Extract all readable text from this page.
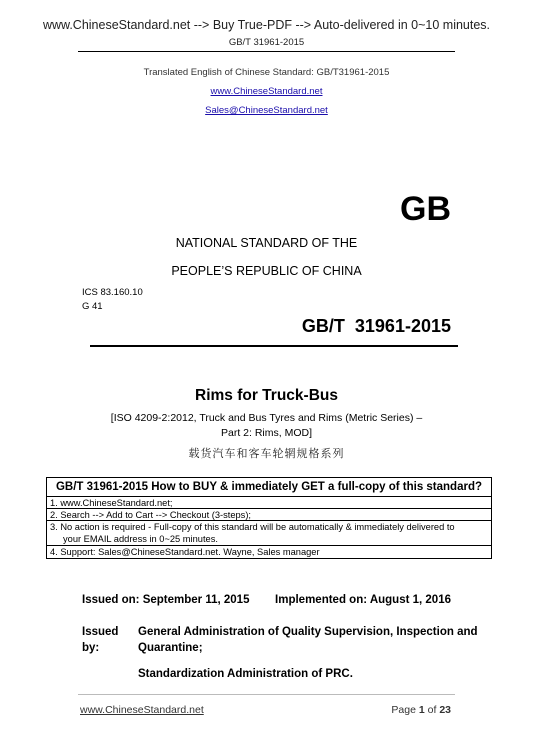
www.ChineseStandard.net --> Buy True-PDF --> Auto-delivered in 0~10 minutes.
GB/T 31961-2015
Translated English of Chinese Standard: GB/T31961-2015
www.ChineseStandard.net
Sales@ChineseStandard.net
GB
NATIONAL STANDARD OF THE
PEOPLE’S REPUBLIC OF CHINA
ICS 83.160.10
G 41
GB/T  31961-2015
Rims for Truck-Bus
[ISO 4209-2:2012, Truck and Bus Tyres and Rims (Metric Series) –
Part 2: Rims, MOD]
载货汽车和客车轮辋规格系列
GB/T 31961-2015 How to BUY & immediately GET a full-copy of this standard?
1. www.ChineseStandard.net;
2. Search --> Add to Cart --> Checkout (3-steps);
3. No action is required - Full-copy of this standard will be automatically & immediately delivered to
your EMAIL address in 0~25 minutes.
4. Support: Sales@ChineseStandard.net. Wayne, Sales manager
Issued on: September 11, 2015 Implemented on: August 1, 2016
Issued by:
General Administration of Quality Supervision, Inspection and
Quarantine;
Standardization Administration of PRC.
www.ChineseStandard.net	Page 1 of 23
